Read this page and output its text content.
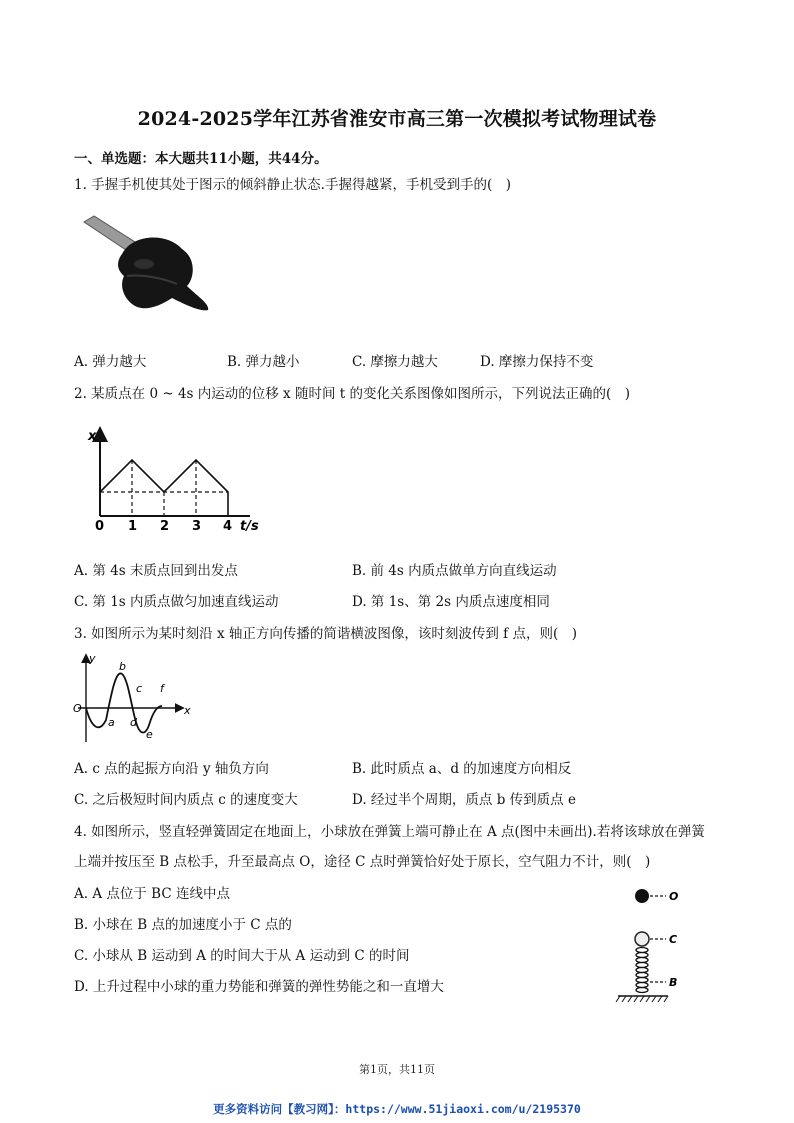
2024-2025学年江苏省淮安市高三第一次模拟考试物理试卷
一、单选题：本大题共11小题，共44分。
1. 手握手机使其处于图示的倾斜静止状态.手握得越紧，手机受到手的(　)
A. 弹力越大	B. 弹力越小	C. 摩擦力越大	D. 摩擦力保持不变
2. 某质点在 0 ~ 4s 内运动的位移 x 随时间 t 的变化关系图像如图所示，下列说法正确的(　)
x
0 1 2 3 4 t/s
A. 第 4s 末质点回到出发点	B. 前 4s 内质点做单方向直线运动
C. 第 1s 内质点做匀加速直线运动	D. 第 1s、第 2s 内质点速度相同
3. 如图所示为某时刻沿 x 轴正方向传播的简谐横波图像，该时刻波传到 f 点，则(　)
y
x
O
a
b
c
d
e
f
A. c 点的起振方向沿 y 轴负方向	B. 此时质点 a、d 的加速度方向相反
C. 之后极短时间内质点 c 的速度变大	D. 经过半个周期，质点 b 传到质点 e
4. 如图所示，竖直轻弹簧固定在地面上，小球放在弹簧上端可静止在 A 点(图中未画出).若将该球放在弹簧
上端并按压至 B 点松手，升至最高点 O，途径 C 点时弹簧恰好处于原长，空气阻力不计，则(　)
A. A 点位于 BC 连线中点
B. 小球在 B 点的加速度小于 C 点的
C. 小球从 B 运动到 A 的时间大于从 A 运动到 C 的时间
D. 上升过程中小球的重力势能和弹簧的弹性势能之和一直增大
O
C
B
第1页，共11页
更多资料访问【教习网】：https://www.51jiaoxi.com/u/2195370
